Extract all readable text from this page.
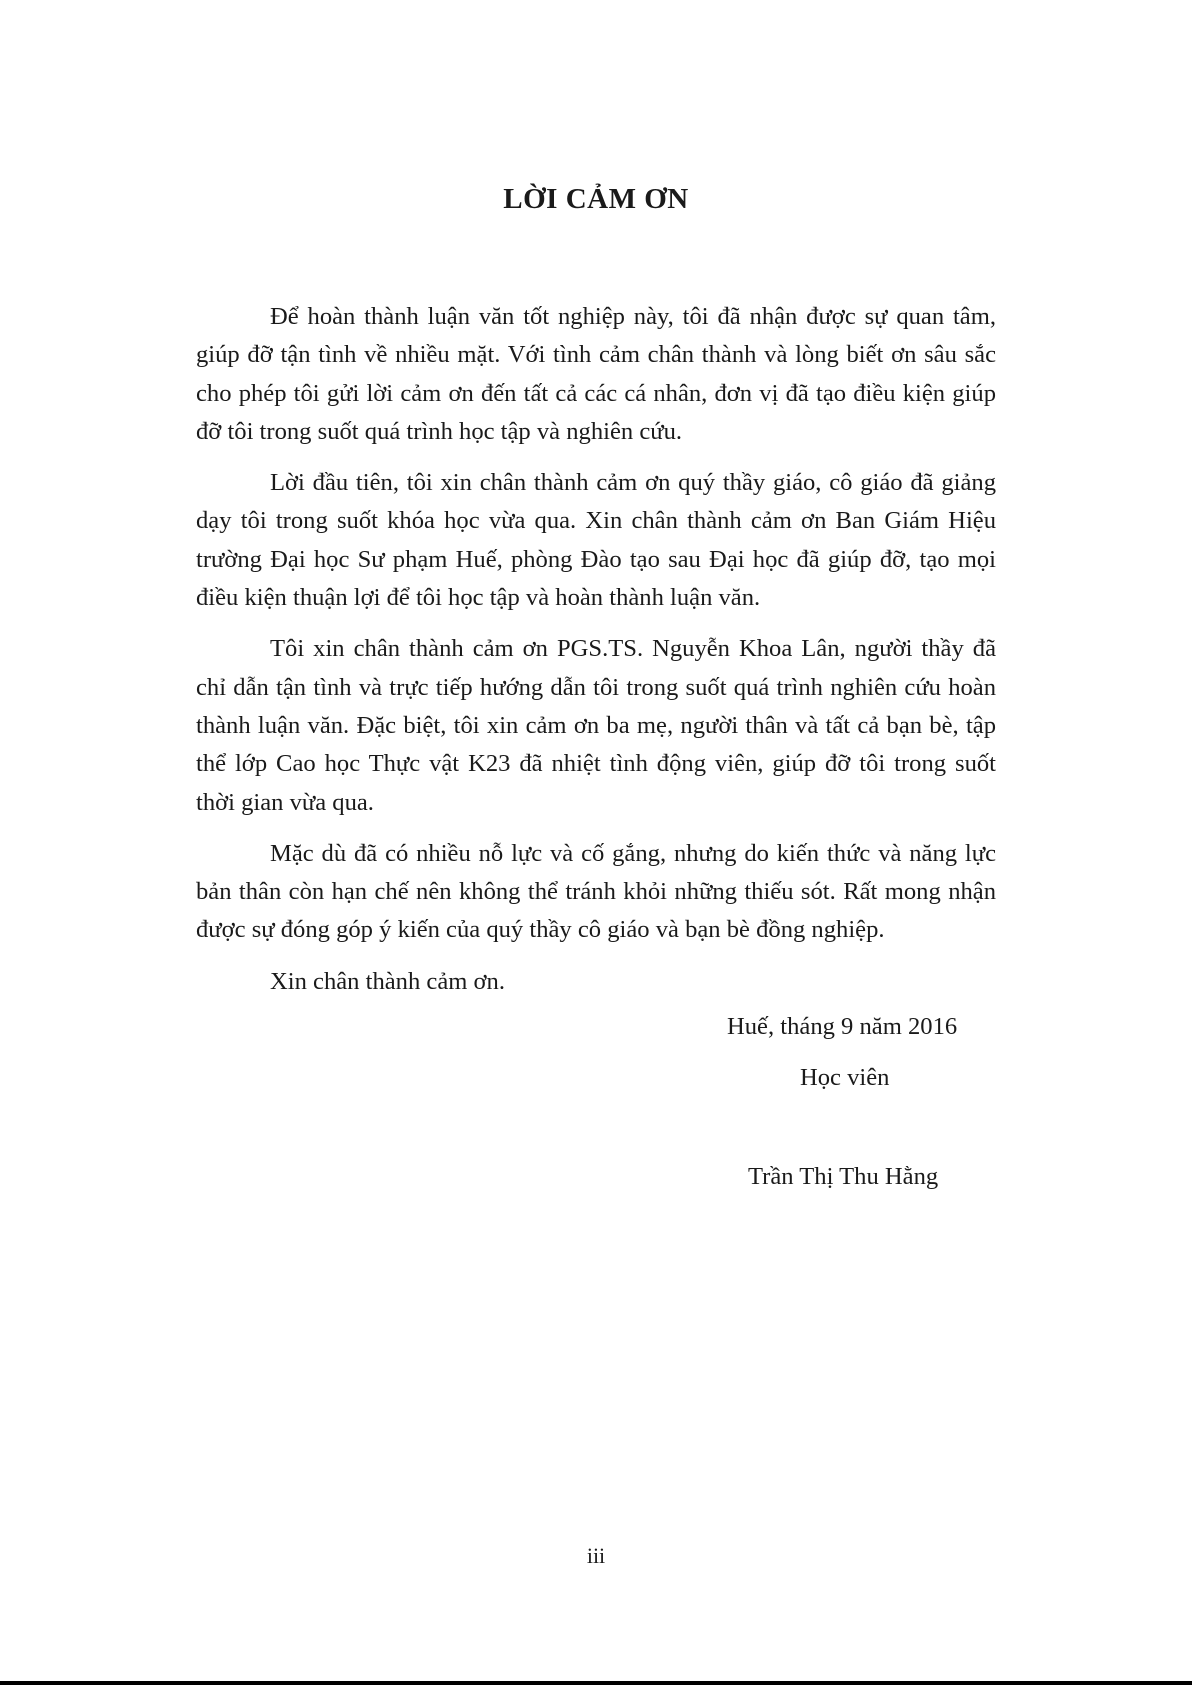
LỜI CẢM ƠN

Để hoàn thành luận văn tốt nghiệp này, tôi đã nhận được sự quan tâm, giúp đỡ tận tình về nhiều mặt. Với tình cảm chân thành và lòng biết ơn sâu sắc cho phép tôi gửi lời cảm ơn đến tất cả các cá nhân, đơn vị đã tạo điều kiện giúp đỡ tôi trong suốt quá trình học tập và nghiên cứu.

Lời đầu tiên, tôi xin chân thành cảm ơn quý thầy giáo, cô giáo đã giảng dạy tôi trong suốt khóa học vừa qua. Xin chân thành cảm ơn Ban Giám Hiệu trường Đại học Sư phạm Huế, phòng Đào tạo sau Đại học đã giúp đỡ, tạo mọi điều kiện thuận lợi để tôi học tập và hoàn thành luận văn.

Tôi xin chân thành cảm ơn PGS.TS. Nguyễn Khoa Lân, người thầy đã chỉ dẫn tận tình và trực tiếp hướng dẫn tôi trong suốt quá trình nghiên cứu hoàn thành luận văn. Đặc biệt, tôi xin cảm ơn ba mẹ, người thân và tất cả bạn bè, tập thể lớp Cao học Thực vật K23 đã nhiệt tình động viên, giúp đỡ tôi trong suốt thời gian vừa qua.

Mặc dù đã có nhiều nỗ lực và cố gắng, nhưng do kiến thức và năng lực bản thân còn hạn chế nên không thể tránh khỏi những thiếu sót. Rất mong nhận được sự đóng góp ý kiến của quý thầy cô giáo và bạn bè đồng nghiệp.

Xin chân thành cảm ơn.

Huế, tháng 9 năm 2016
Học viên
Trần Thị Thu Hằng
iii
